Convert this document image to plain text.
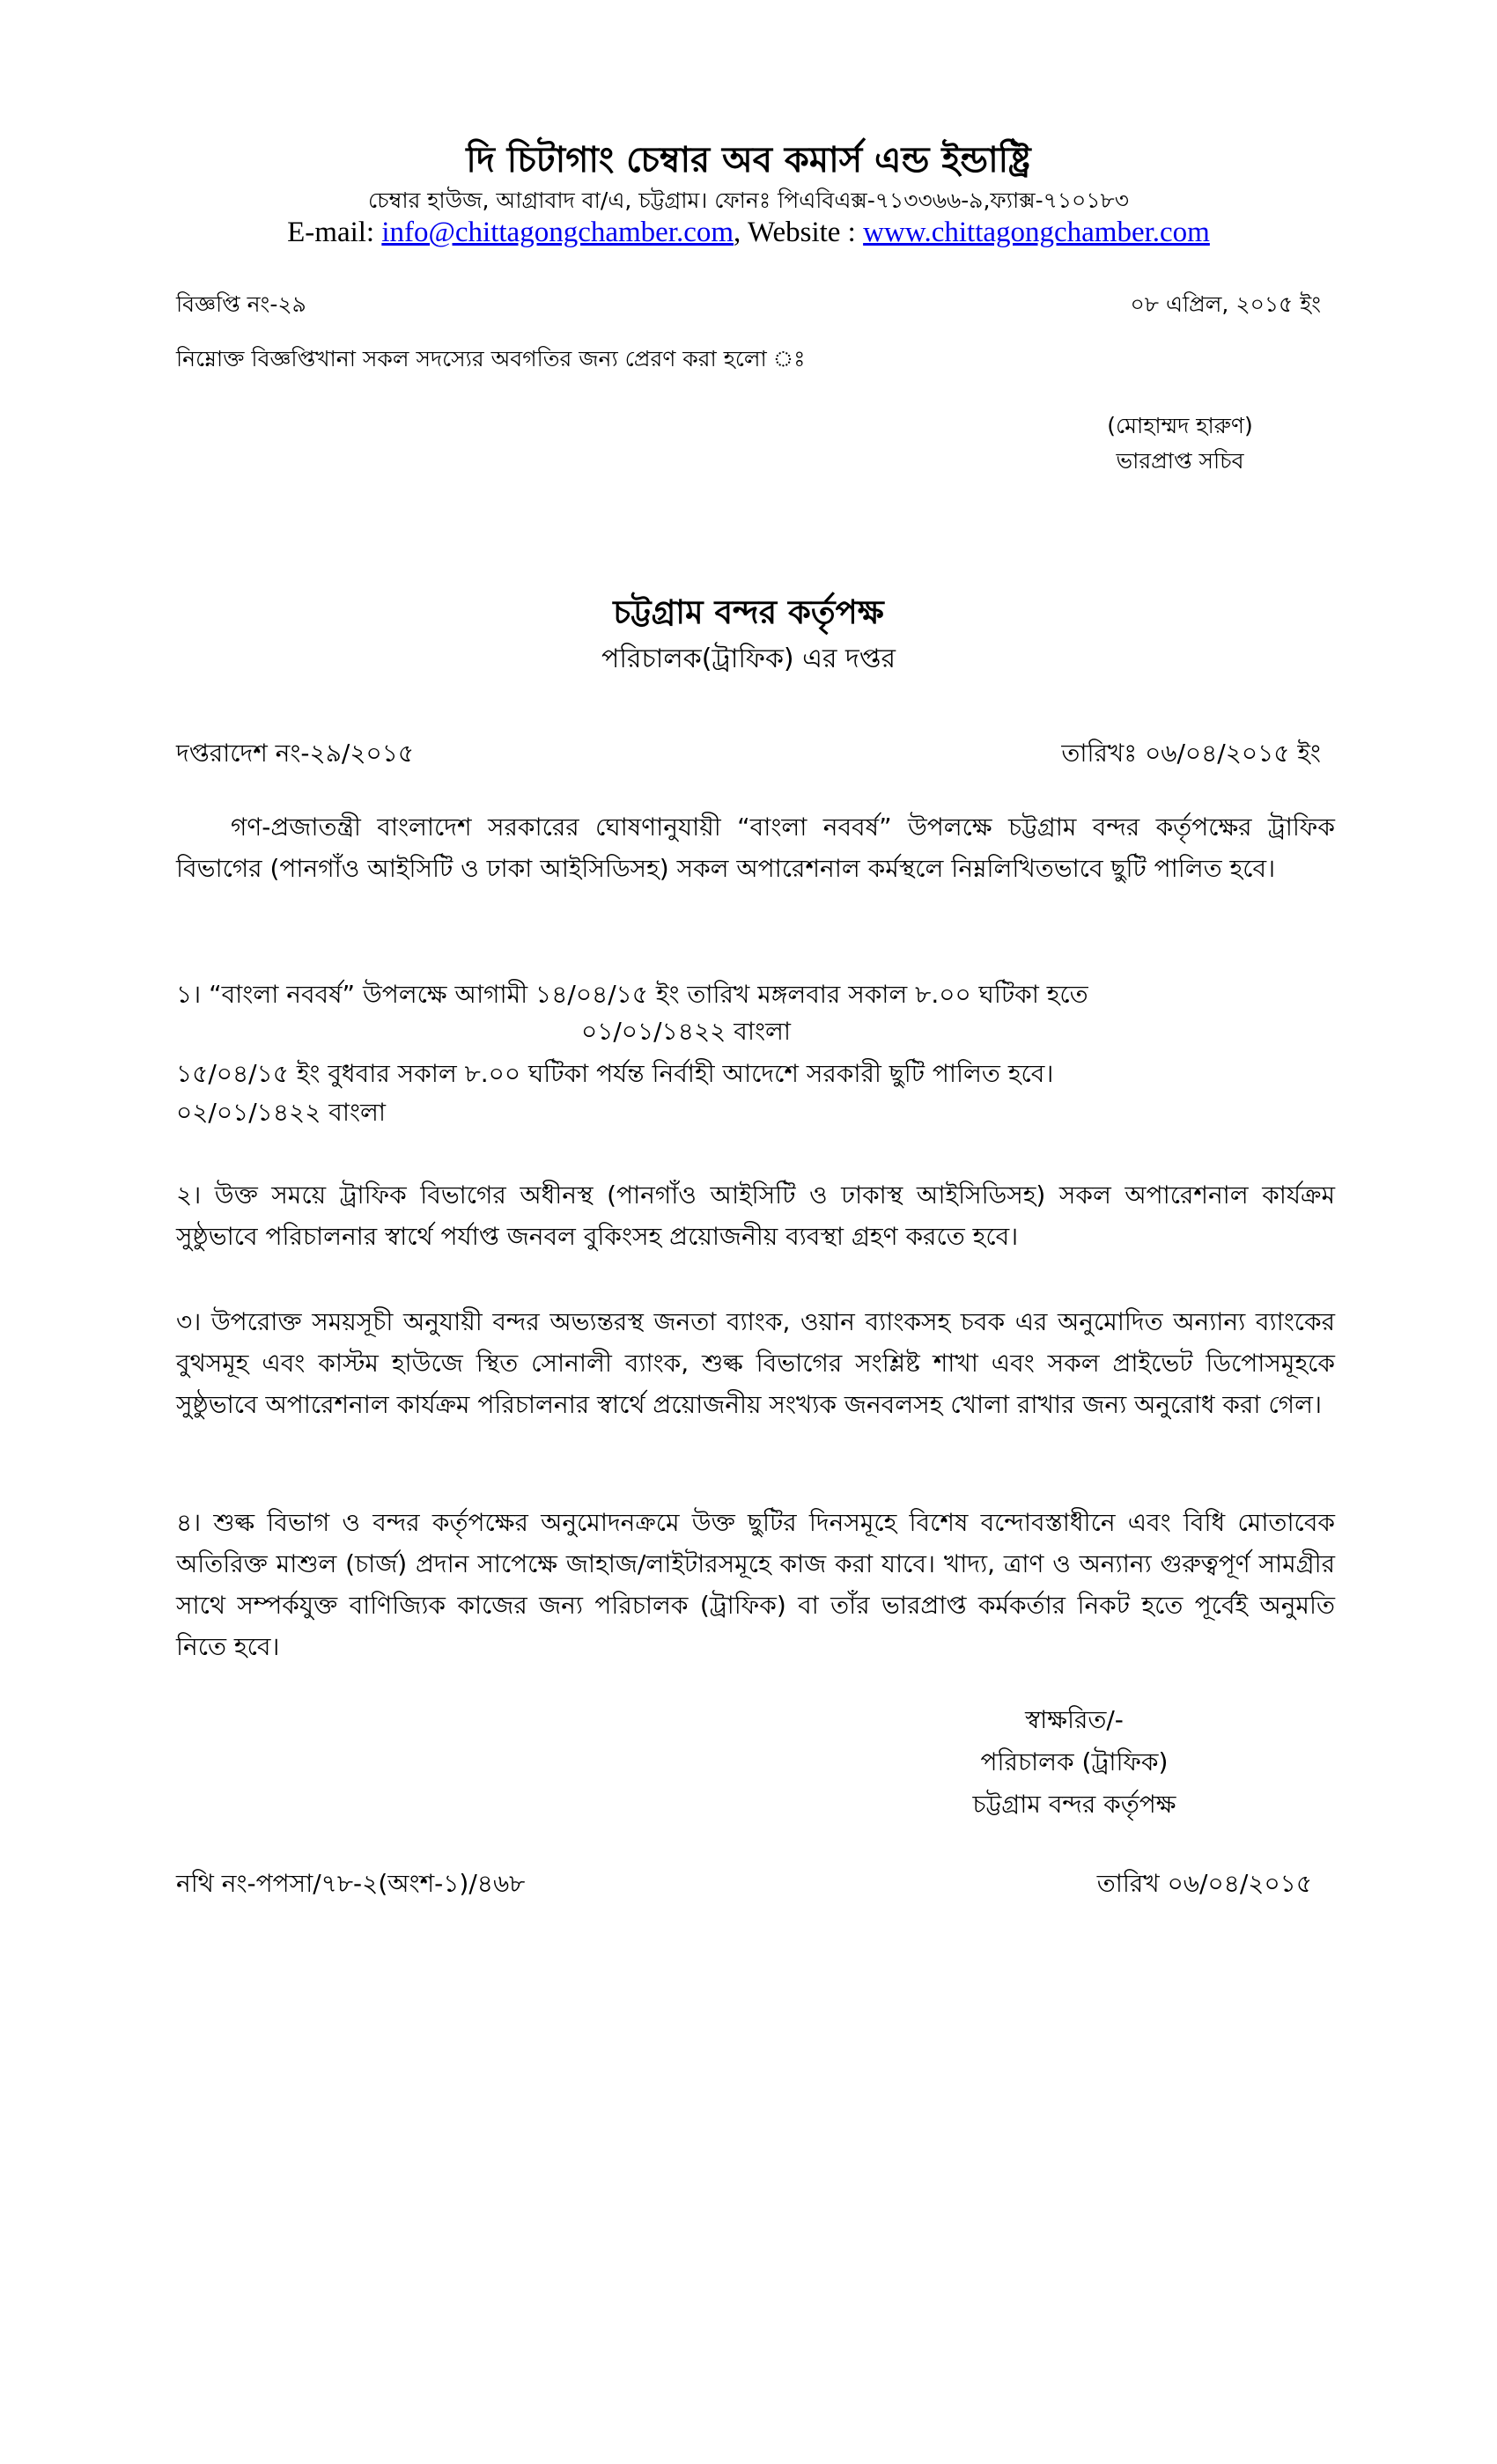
দি চিটাগাং চেম্বার অব কমার্স এন্ড ইন্ডাষ্ট্রি
চেম্বার হাউজ, আগ্রাবাদ বা/এ, চট্টগ্রাম। ফোনঃ পিএবিএক্স-৭১৩৩৬৬-৯,ফ্যাক্স-৭১০১৮৩
E-mail: info@chittagongchamber.com, Website : www.chittagongchamber.com
বিজ্ঞপ্তি নং-২৯	০৮ এপ্রিল, ২০১৫ ইং
নিম্নোক্ত বিজ্ঞপ্তিখানা সকল সদস্যের অবগতির জন্য প্রেরণ করা হলো ঃ
(মোহাম্মদ হারুণ)
ভারপ্রাপ্ত সচিব
চট্টগ্রাম বন্দর কর্তৃপক্ষ
পরিচালক(ট্রাফিক) এর দপ্তর
দপ্তরাদেশ নং-২৯/২০১৫	তারিখঃ ০৬/০৪/২০১৫ ইং

গণ-প্রজাতন্ত্রী বাংলাদেশ সরকারের ঘোষণানুযায়ী “বাংলা নববর্ষ” উপলক্ষে চট্টগ্রাম বন্দর কর্তৃপক্ষের ট্রাফিক বিভাগের (পানগাঁও আইসিটি ও ঢাকা আইসিডিসহ) সকল অপারেশনাল কর্মস্থলে নিম্নলিখিতভাবে ছুটি পালিত হবে।

১। “বাংলা নববর্ষ” উপলক্ষে আগামী ১৪/০৪/১৫ ইং তারিখ মঙ্গলবার সকাল ৮.০০ ঘটিকা হতে
০১/০১/১৪২২ বাংলা
১৫/০৪/১৫ ইং বুধবার সকাল ৮.০০ ঘটিকা পর্যন্ত নির্বাহী আদেশে সরকারী ছুটি পালিত হবে।
০২/০১/১৪২২ বাংলা

২। উক্ত সময়ে ট্রাফিক বিভাগের অধীনস্থ (পানগাঁও আইসিটি ও ঢাকাস্থ আইসিডিসহ) সকল অপারেশনাল কার্যক্রম সুষ্ঠুভাবে পরিচালনার স্বার্থে পর্যাপ্ত জনবল বুকিংসহ প্রয়োজনীয় ব্যবস্থা গ্রহণ করতে হবে।

৩। উপরোক্ত সময়সূচী অনুযায়ী বন্দর অভ্যন্তরস্থ জনতা ব্যাংক, ওয়ান ব্যাংকসহ চবক এর অনুমোদিত অন্যান্য ব্যাংকের বুথসমূহ এবং কাস্টম হাউজে স্থিত সোনালী ব্যাংক, শুল্ক বিভাগের সংশ্লিষ্ট শাখা এবং সকল প্রাইভেট ডিপোসমূহকে সুষ্ঠুভাবে অপারেশনাল কার্যক্রম পরিচালনার স্বার্থে প্রয়োজনীয় সংখ্যক জনবলসহ খোলা রাখার জন্য অনুরোধ করা গেল।

৪। শুল্ক বিভাগ ও বন্দর কর্তৃপক্ষের অনুমোদনক্রমে উক্ত ছুটির দিনসমূহে বিশেষ বন্দোবস্তাধীনে এবং বিধি মোতাবেক অতিরিক্ত মাশুল (চার্জ) প্রদান সাপেক্ষে জাহাজ/লাইটারসমূহে কাজ করা যাবে। খাদ্য, ত্রাণ ও অন্যান্য গুরুত্বপূর্ণ সামগ্রীর সাথে সম্পর্কযুক্ত বাণিজ্যিক কাজের জন্য পরিচালক (ট্রাফিক) বা তাঁর ভারপ্রাপ্ত কর্মকর্তার নিকট হতে পূর্বেই অনুমতি নিতে হবে।

স্বাক্ষরিত/-
পরিচালক (ট্রাফিক)
চট্টগ্রাম বন্দর কর্তৃপক্ষ
নথি নং-পপসা/৭৮-২(অংশ-১)/৪৬৮	তারিখ ০৬/০৪/২০১৫
